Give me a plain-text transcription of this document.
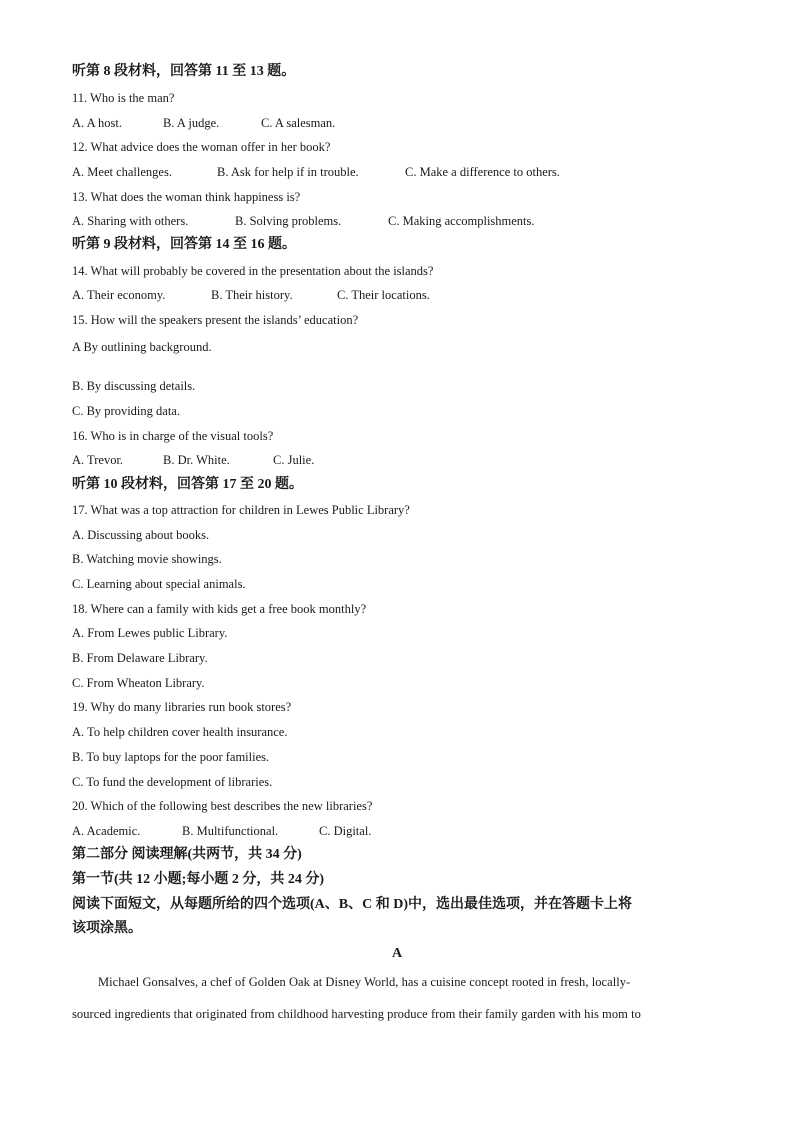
听第 8 段材料，回答第 11 至 13 题。
11. Who is the man?
A. A host.	B. A judge.	C. A salesman.
12. What advice does the woman offer in her book?
A. Meet challenges.	B. Ask for help if in trouble.	C. Make a difference to others.
13. What does the woman think happiness is?
A. Sharing with others.	B. Solving problems.	C. Making accomplishments.
听第 9 段材料，回答第 14 至 16 题。
14. What will probably be covered in the presentation about the islands?
A. Their economy.	B. Their history.	C. Their locations.
15. How will the speakers present the islands’ education?
A By outlining background.
B. By discussing details.
C. By providing data.
16. Who is in charge of the visual tools?
A. Trevor.	B. Dr. White.	C. Julie.
听第 10 段材料，回答第 17 至 20 题。
17. What was a top attraction for children in Lewes Public Library?
A. Discussing about books.
B. Watching movie showings.
C. Learning about special animals.
18. Where can a family with kids get a free book monthly?
A. From Lewes public Library.
B. From Delaware Library.
C. From Wheaton Library.
19. Why do many libraries run book stores?
A. To help children cover health insurance.
B. To buy laptops for the poor families.
C. To fund the development of libraries.
20. Which of the following best describes the new libraries?
A. Academic.	B. Multifunctional.	C. Digital.
第二部分 阅读理解(共两节，共 34 分)
第一节(共 12 小题;每小题 2 分，共 24 分)
阅读下面短文，从每题所给的四个选项(A、B、C 和 D)中，选出最佳选项，并在答题卡上将
该项涂黑。
A
Michael Gonsalves, a chef of Golden Oak at Disney World, has a cuisine concept rooted in fresh, locally-
sourced ingredients that originated from childhood harvesting produce from their family garden with his mom to
